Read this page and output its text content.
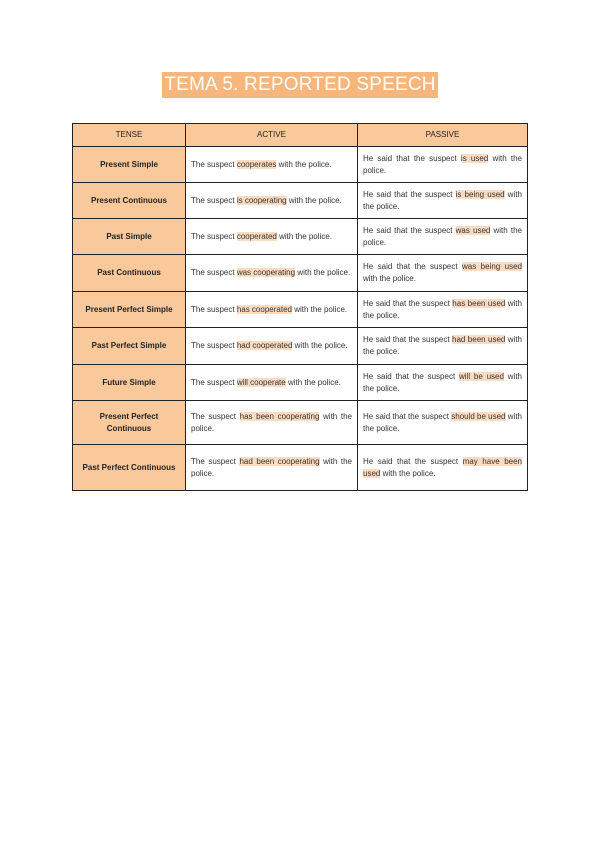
TEMA 5. REPORTED SPEECH
TENSE	ACTIVE	PASSIVE
Present Simple	The suspect cooperates with the police.	He said that the suspect is used with the police.
Present Continuous	The suspect is cooperating with the police.	He said that the suspect is being used with the police.
Past Simple	The suspect cooperated with the police.	He said that the suspect was used with the police.
Past Continuous	The suspect was cooperating with the police.	He said that the suspect was being used with the police.
Present Perfect Simple	The suspect has cooperated with the police.	He said that the suspect has been used with the police.
Past Perfect Simple	The suspect had cooperated with the police.	He said that the suspect had been used with the police.
Future Simple	The suspect will cooperate with the police.	He said that the suspect will be used with the police.
Present Perfect Continuous	The suspect has been cooperating with the police.	He said that the suspect should be used with the police.
Past Perfect Continuous	The suspect had been cooperating with the police.	He said that the suspect may have been used with the police.
